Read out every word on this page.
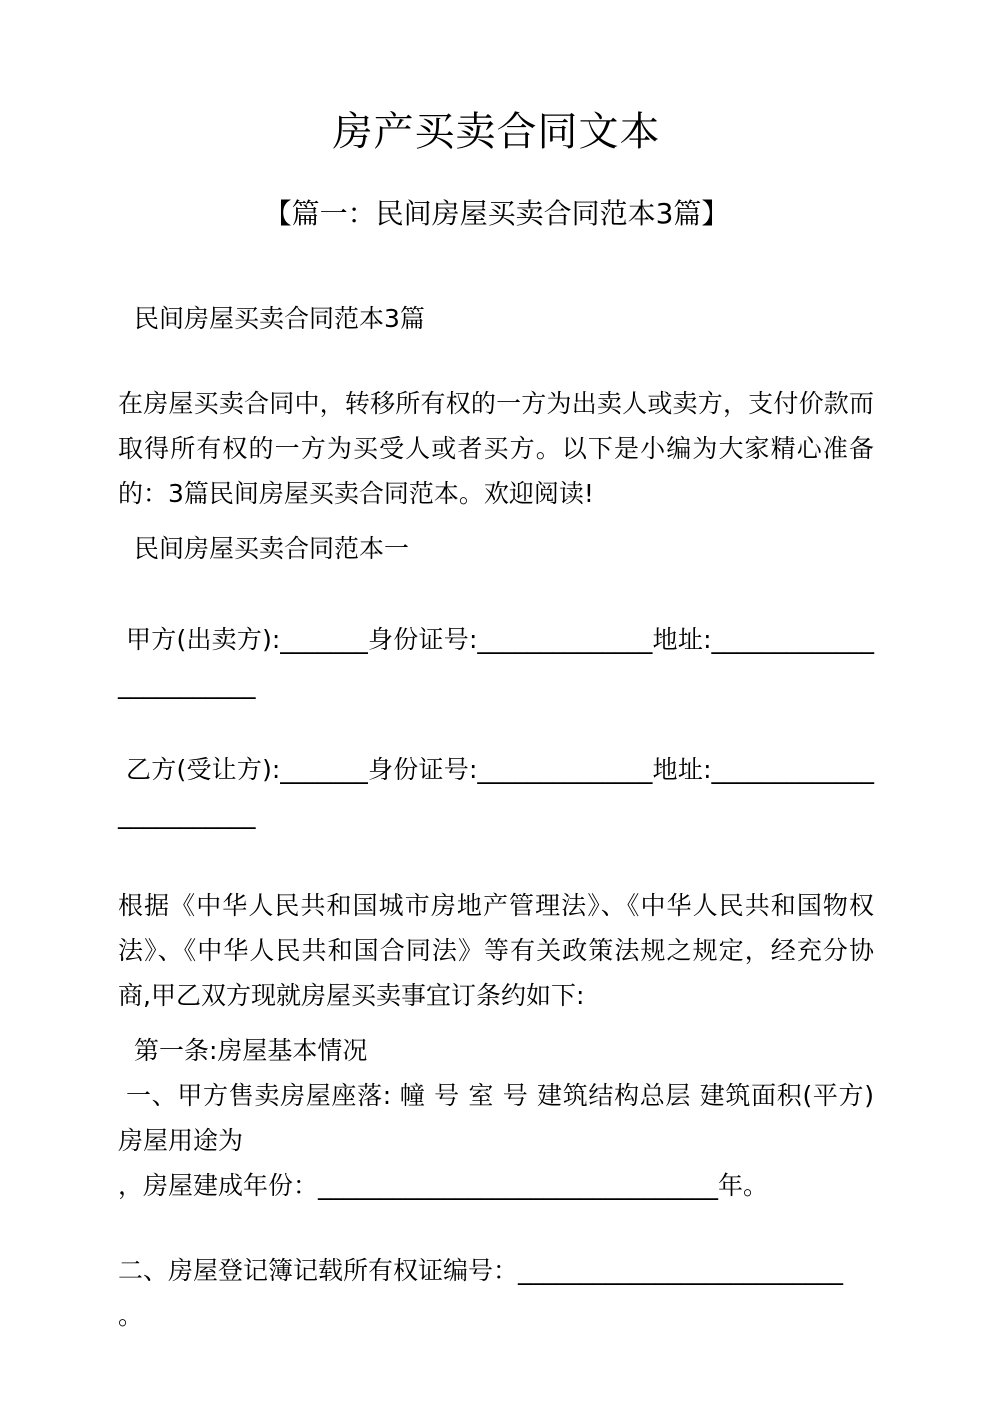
房产买卖合同文本
【篇一：民间房屋买卖合同范本3篇】

民间房屋买卖合同范本3篇

在房屋买卖合同中，转移所有权的一方为出卖人或卖方，支付价款而取得所有权的一方为买受人或者买方。以下是小编为大家精心准备的：3篇民间房屋买卖合同范本。欢迎阅读!

民间房屋买卖合同范本一

甲方(出卖方):_______身份证号:______________地址:________________________

乙方(受让方):_______身份证号:______________地址:________________________

根据《中华人民共和国城市房地产管理法》、《中华人民共和国物权法》、《中华人民共和国合同法》等有关政策法规之规定，经充分协商,甲乙双方现就房屋买卖事宜订条约如下:

第一条:房屋基本情况

一、甲方售卖房屋座落: 幢 号 室 号 建筑结构总层 建筑面积(平方)房屋用途为

，房屋建成年份：________________________________年。

二、房屋登记簿记载所有权证编号：__________________________

。
